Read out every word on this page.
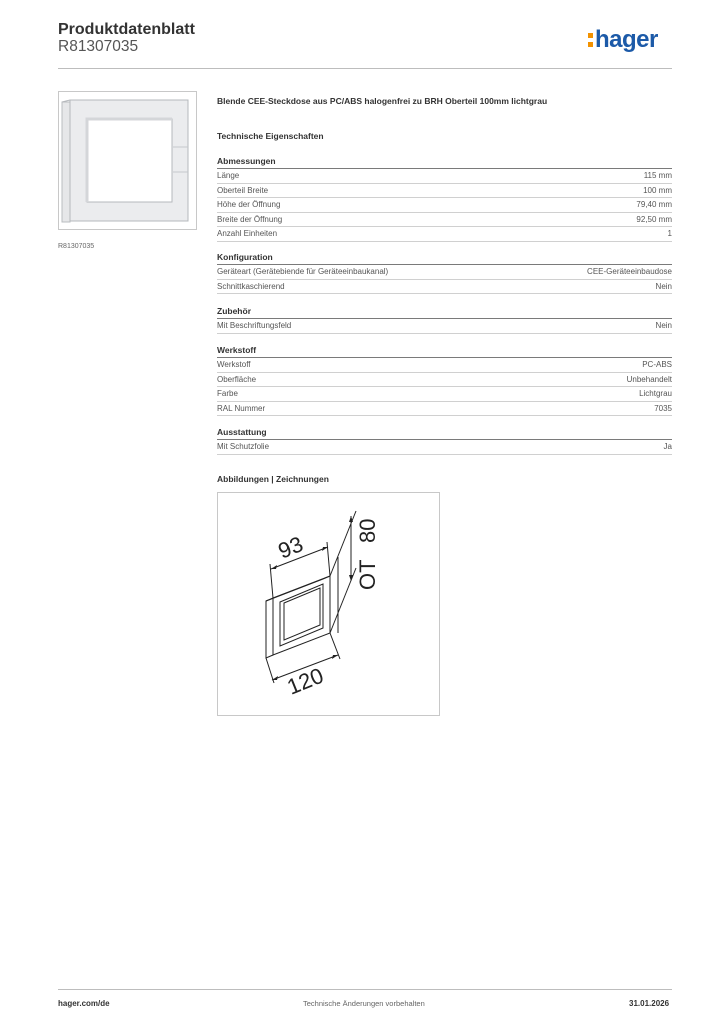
Produktdatenblatt
R81307035	hager
R81307035
Blende CEE-Steckdose aus PC/ABS halogenfrei zu BRH Oberteil 100mm lichtgrau
Technische Eigenschaften
Abmessungen
Länge	115 mm
Oberteil Breite	100 mm
Höhe der Öffnung	79,40 mm
Breite der Öffnung	92,50 mm
Anzahl Einheiten	1
Konfiguration
Geräteart (Gerätebiende für Geräteeinbaukanal)	CEE-Geräteeinbaudose
Schnittkaschierend	Nein
Zubehör
Mit Beschriftungsfeld	Nein
Werkstoff
Werkstoff	PC-ABS
Oberfläche	Unbehandelt
Farbe	Lichtgrau
RAL Nummer	7035
Ausstattung
Mit Schutzfolie	Ja
Abbildungen | Zeichnungen
93
80
OT
120
hager.com/de	Technische Änderungen vorbehalten	31.01.2026
